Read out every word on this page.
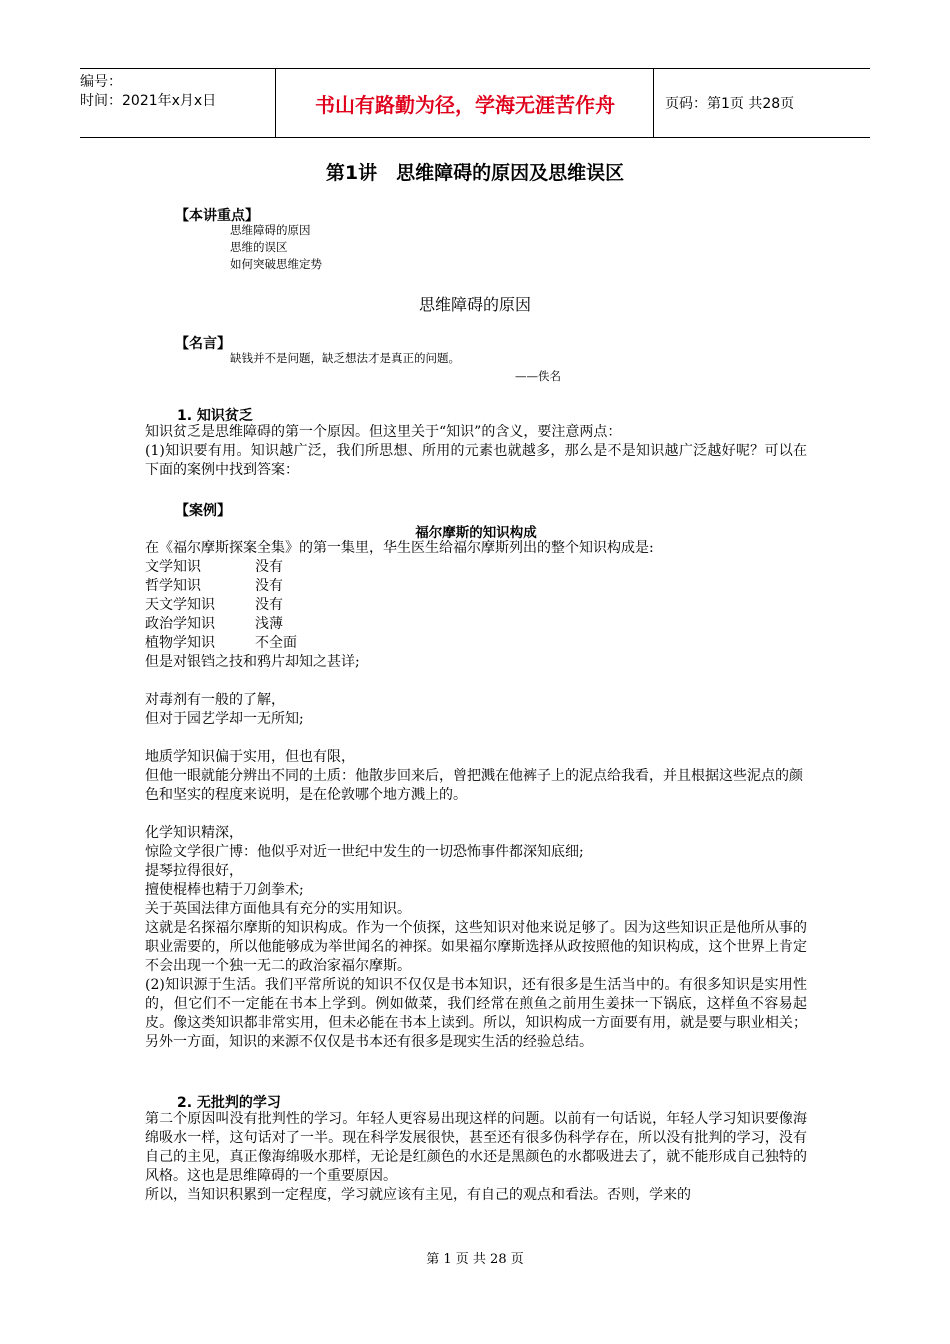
编号：
时间：2021年x月x日	书山有路勤为径，学海无涯苦作舟	页码：第1页 共28页
第1讲　思维障碍的原因及思维误区
【本讲重点】
思维障碍的原因
思维的误区
如何突破思维定势
思维障碍的原因
【名言】
缺钱并不是问题，缺乏想法才是真正的问题。
——佚名
1. 知识贫乏
知识贫乏是思维障碍的第一个原因。但这里关于“知识”的含义，要注意两点：
(1)知识要有用。知识越广泛，我们所思想、所用的元素也就越多，那么是不是知识越广泛越好呢？可以在下面的案例中找到答案：
【案例】
福尔摩斯的知识构成
在《福尔摩斯探案全集》的第一集里，华生医生给福尔摩斯列出的整个知识构成是:
文学知识	没有
哲学知识	没有
天文学知识	没有
政治学知识	浅薄
植物学知识	不全面
但是对银铛之技和鸦片却知之甚详;
对毒剂有一般的了解，
但对于园艺学却一无所知;
地质学知识偏于实用，但也有限，
但他一眼就能分辨出不同的土质：他散步回来后，曾把溅在他裤子上的泥点给我看，并且根据这些泥点的颜色和坚实的程度来说明，是在伦敦哪个地方溅上的。
化学知识精深，
惊险文学很广博：他似乎对近一世纪中发生的一切恐怖事件都深知底细;
提琴拉得很好，
擅使棍棒也精于刀剑拳术;
关于英国法律方面他具有充分的实用知识。
这就是名探福尔摩斯的知识构成。作为一个侦探，这些知识对他来说足够了。因为这些知识正是他所从事的职业需要的，所以他能够成为举世闻名的神探。如果福尔摩斯选择从政按照他的知识构成，这个世界上肯定不会出现一个独一无二的政治家福尔摩斯。
(2)知识源于生活。我们平常所说的知识不仅仅是书本知识，还有很多是生活当中的。有很多知识是实用性的，但它们不一定能在书本上学到。例如做菜，我们经常在煎鱼之前用生姜抹一下锅底，这样鱼不容易起皮。像这类知识都非常实用，但未必能在书本上读到。所以，知识构成一方面要有用，就是要与职业相关；另外一方面，知识的来源不仅仅是书本还有很多是现实生活的经验总结。
2. 无批判的学习
第二个原因叫没有批判性的学习。年轻人更容易出现这样的问题。以前有一句话说，年轻人学习知识要像海绵吸水一样，这句话对了一半。现在科学发展很快，甚至还有很多伪科学存在，所以没有批判的学习，没有自己的主见，真正像海绵吸水那样，无论是红颜色的水还是黑颜色的水都吸进去了，就不能形成自己独特的风格。这也是思维障碍的一个重要原因。
所以，当知识积累到一定程度，学习就应该有主见，有自己的观点和看法。否则，学来的
第 1 页 共 28 页
